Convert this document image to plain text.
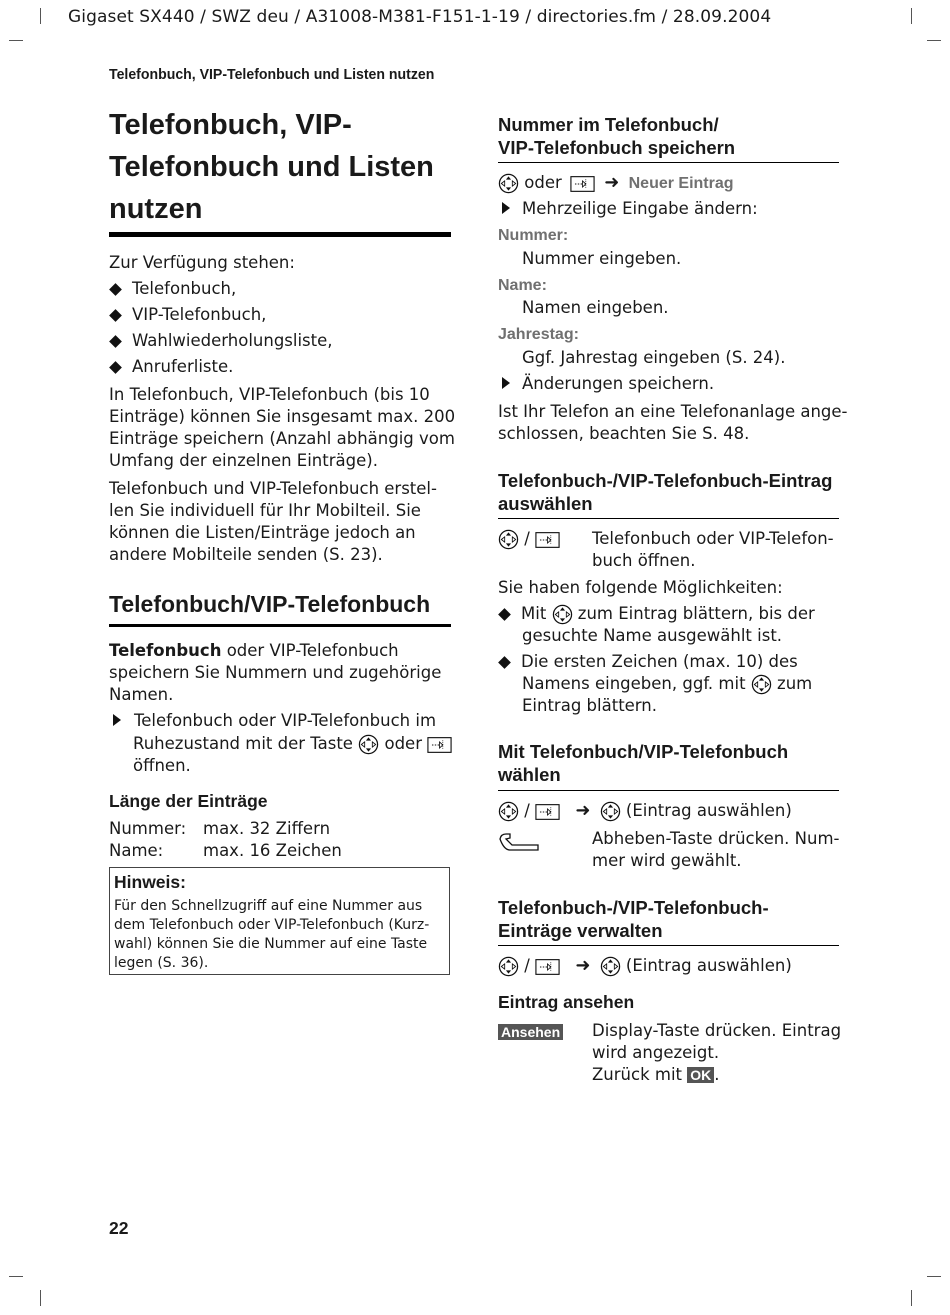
Gigaset SX440 / SWZ deu / A31008-M381-F151-1-19 / directories.fm / 28.09.2004
Telefonbuch, VIP-Telefonbuch und Listen nutzen
Telefonbuch, VIP-
Telefonbuch und Listen
nutzen
Zur Verfügung stehen:
Telefonbuch,
VIP-Telefonbuch,
Wahlwiederholungsliste,
Anruferliste.
In Telefonbuch, VIP-Telefonbuch (bis 10
Einträge) können Sie insgesamt max. 200
Einträge speichern (Anzahl abhängig vom
Umfang der einzelnen Einträge).
Telefonbuch und VIP-Telefonbuch erstel-
len Sie individuell für Ihr Mobilteil. Sie
können die Listen/Einträge jedoch an
andere Mobilteile senden (S. 23).
Telefonbuch/VIP-Telefonbuch
Telefonbuch oder VIP-Telefonbuch
speichern Sie Nummern und zugehörige
Namen.
Telefonbuch oder VIP-Telefonbuch im
Ruhezustand mit der Taste oder
öffnen.
Länge der Einträge
Nummer: max. 32 Ziffern
Name: max. 16 Zeichen
Hinweis:
Für den Schnellzugriff auf eine Nummer aus
dem Telefonbuch oder VIP-Telefonbuch (Kurz-
wahl) können Sie die Nummer auf eine Taste
legen (S. 36).
22
Nummer im Telefonbuch/
VIP-Telefonbuch speichern
oder ➜ Neuer Eintrag
Mehrzeilige Eingabe ändern:
Nummer:
Nummer eingeben.
Name:
Namen eingeben.
Jahrestag:
Ggf. Jahrestag eingeben (S. 24).
Änderungen speichern.
Ist Ihr Telefon an eine Telefonanlage ange-
schlossen, beachten Sie S. 48.
Telefonbuch-/VIP-Telefonbuch-Eintrag
auswählen
/	Telefonbuch oder VIP-Telefon-
buch öffnen.
Sie haben folgende Möglichkeiten:
Mit zum Eintrag blättern, bis der
gesuchte Name ausgewählt ist.
Die ersten Zeichen (max. 10) des
Namens eingeben, ggf. mit zum
Eintrag blättern.
Mit Telefonbuch/VIP-Telefonbuch
wählen
/	➜ (Eintrag auswählen)
Abheben-Taste drücken. Num-
mer wird gewählt.
Telefonbuch-/VIP-Telefonbuch-
Einträge verwalten
/	➜ (Eintrag auswählen)
Eintrag ansehen
Ansehen Display-Taste drücken. Eintrag
wird angezeigt.
Zurück mit OK .
